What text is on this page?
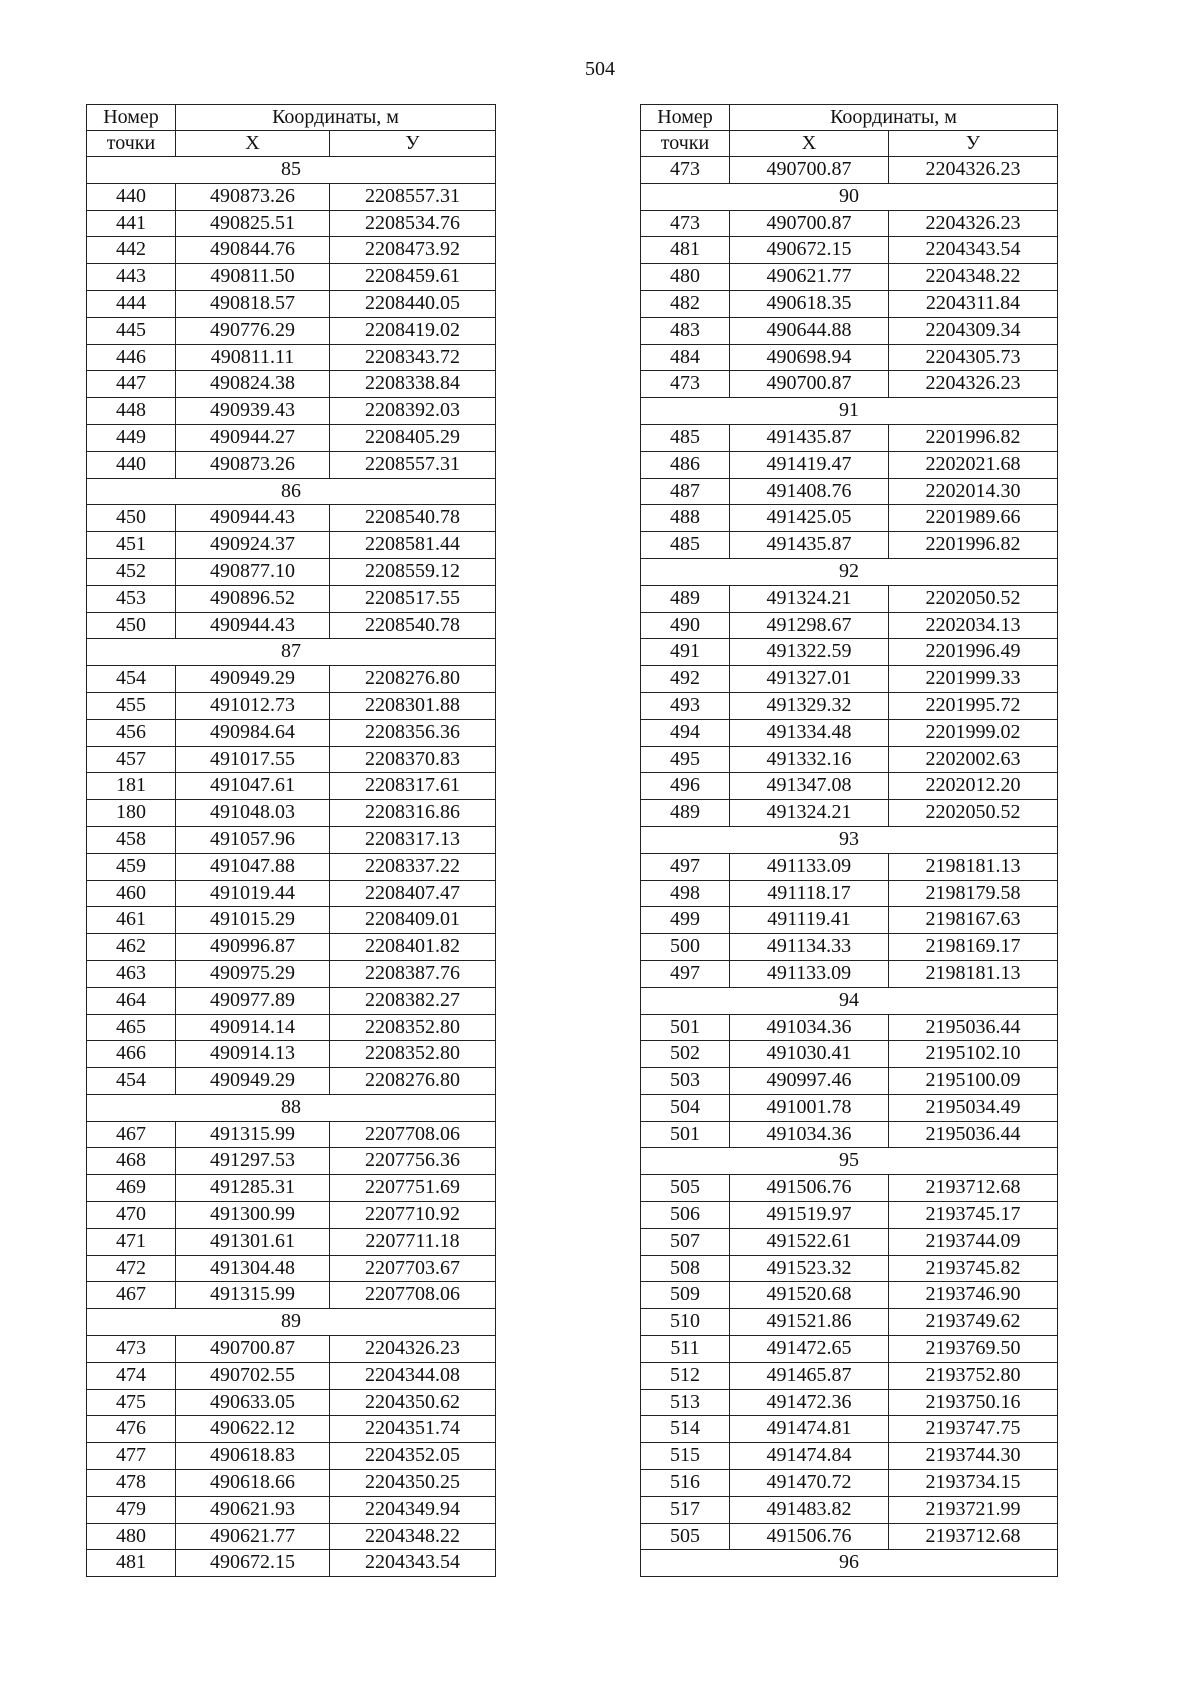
504
Номер	Координаты, м	
точки	X	У
85		
440	490873.26	2208557.31
441	490825.51	2208534.76
442	490844.76	2208473.92
443	490811.50	2208459.61
444	490818.57	2208440.05
445	490776.29	2208419.02
446	490811.11	2208343.72
447	490824.38	2208338.84
448	490939.43	2208392.03
449	490944.27	2208405.29
440	490873.26	2208557.31
86		
450	490944.43	2208540.78
451	490924.37	2208581.44
452	490877.10	2208559.12
453	490896.52	2208517.55
450	490944.43	2208540.78
87		
454	490949.29	2208276.80
455	491012.73	2208301.88
456	490984.64	2208356.36
457	491017.55	2208370.83
181	491047.61	2208317.61
180	491048.03	2208316.86
458	491057.96	2208317.13
459	491047.88	2208337.22
460	491019.44	2208407.47
461	491015.29	2208409.01
462	490996.87	2208401.82
463	490975.29	2208387.76
464	490977.89	2208382.27
465	490914.14	2208352.80
466	490914.13	2208352.80
454	490949.29	2208276.80
88		
467	491315.99	2207708.06
468	491297.53	2207756.36
469	491285.31	2207751.69
470	491300.99	2207710.92
471	491301.61	2207711.18
472	491304.48	2207703.67
467	491315.99	2207708.06
89		
473	490700.87	2204326.23
474	490702.55	2204344.08
475	490633.05	2204350.62
476	490622.12	2204351.74
477	490618.83	2204352.05
478	490618.66	2204350.25
479	490621.93	2204349.94
480	490621.77	2204348.22
481	490672.15	2204343.54
Номер	Координаты, м	
точки	X	У
473	490700.87	2204326.23
90		
473	490700.87	2204326.23
481	490672.15	2204343.54
480	490621.77	2204348.22
482	490618.35	2204311.84
483	490644.88	2204309.34
484	490698.94	2204305.73
473	490700.87	2204326.23
91		
485	491435.87	2201996.82
486	491419.47	2202021.68
487	491408.76	2202014.30
488	491425.05	2201989.66
485	491435.87	2201996.82
92		
489	491324.21	2202050.52
490	491298.67	2202034.13
491	491322.59	2201996.49
492	491327.01	2201999.33
493	491329.32	2201995.72
494	491334.48	2201999.02
495	491332.16	2202002.63
496	491347.08	2202012.20
489	491324.21	2202050.52
93		
497	491133.09	2198181.13
498	491118.17	2198179.58
499	491119.41	2198167.63
500	491134.33	2198169.17
497	491133.09	2198181.13
94		
501	491034.36	2195036.44
502	491030.41	2195102.10
503	490997.46	2195100.09
504	491001.78	2195034.49
501	491034.36	2195036.44
95		
505	491506.76	2193712.68
506	491519.97	2193745.17
507	491522.61	2193744.09
508	491523.32	2193745.82
509	491520.68	2193746.90
510	491521.86	2193749.62
511	491472.65	2193769.50
512	491465.87	2193752.80
513	491472.36	2193750.16
514	491474.81	2193747.75
515	491474.84	2193744.30
516	491470.72	2193734.15
517	491483.82	2193721.99
505	491506.76	2193712.68
96		
